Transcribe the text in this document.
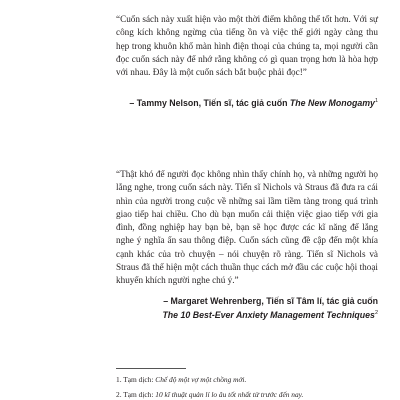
“Cuốn sách này xuất hiện vào một thời điểm không thể tốt hơn. Với sự công kích không ngừng của tiếng ồn và việc thế giới ngày càng thu hẹp trong khuôn khổ màn hình điện thoại của chúng ta, mọi người cần đọc cuốn sách này để nhớ rằng không có gì quan trọng hơn là hòa hợp với nhau. Đây là một cuốn sách bắt buộc phải đọc!”

– Tammy Nelson, Tiến sĩ, tác giả cuốn The New Monogamy$^1$

“Thật khó để người đọc không nhìn thấy chính họ, và những người họ lắng nghe, trong cuốn sách này. Tiến sĩ Nichols và Straus đã đưa ra cái nhìn của người trong cuộc về những sai lầm tiềm tàng trong quá trình giao tiếp hai chiều. Cho dù bạn muốn cải thiện việc giao tiếp với gia đình, đồng nghiệp hay bạn bè, bạn sẽ học được các kĩ năng để lắng nghe ý nghĩa ẩn sau thông điệp. Cuốn sách cũng đề cập đến một khía cạnh khác của trò chuyện – nói chuyện rõ ràng. Tiến sĩ Nichols và Straus đã thể hiện một cách thuần thục cách mở đầu các cuộc hội thoại khuyến khích người nghe chú ý.”

– Margaret Wehrenberg, Tiến sĩ Tâm lí, tác giả cuốn
The 10 Best-Ever Anxiety Management Techniques$^2$
1. Tạm dịch: Chế độ một vợ một chồng mới.
2. Tạm dịch: 10 kĩ thuật quản lí lo âu tốt nhất từ trước đến nay.
